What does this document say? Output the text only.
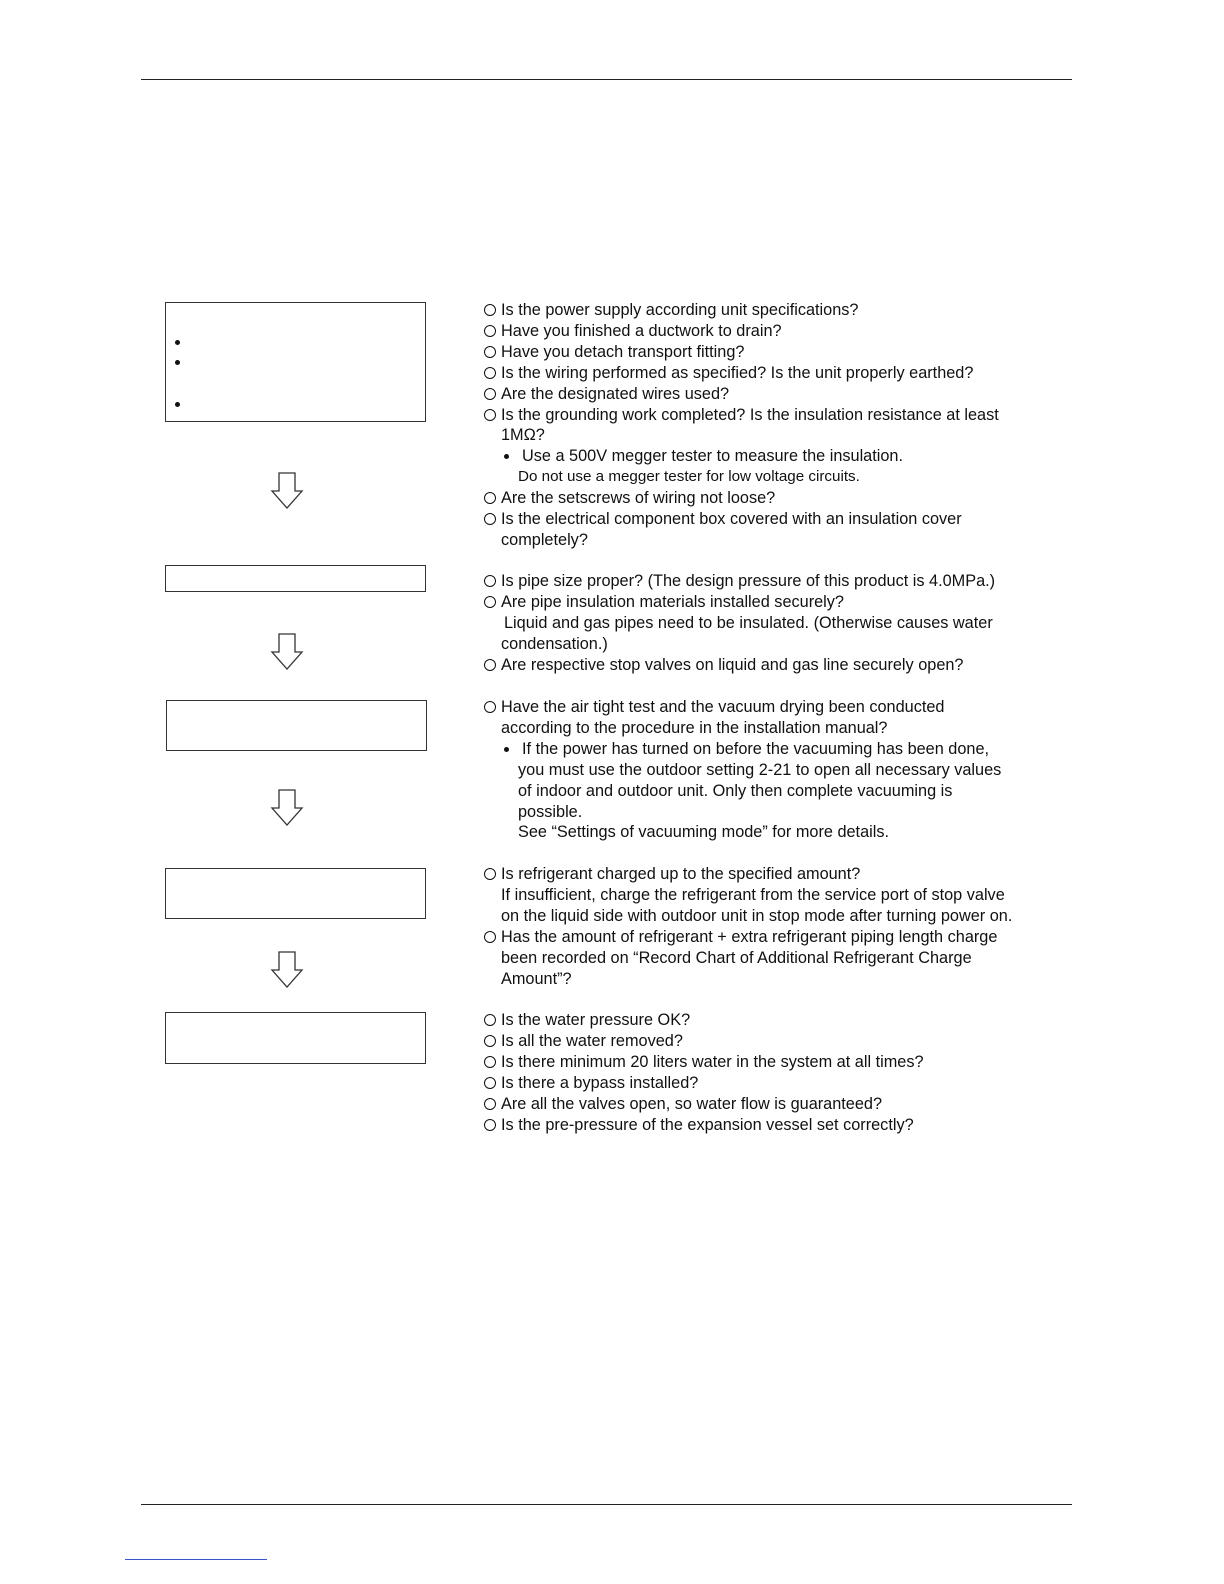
Is the power supply according unit specifications?
Have you finished a ductwork to drain?
Have you detach transport fitting?
Is the wiring performed as specified? Is the unit properly earthed?
Are the designated wires used?
Is the grounding work completed? Is the insulation resistance at least
1MΩ?
Use a 500V megger tester to measure the insulation.
Do not use a megger tester for low voltage circuits.
Are the setscrews of wiring not loose?
Is the electrical component box covered with an insulation cover
completely?
Is pipe size proper? (The design pressure of this product is 4.0MPa.)
Are pipe insulation materials installed securely?
Liquid and gas pipes need to be insulated. (Otherwise causes water
condensation.)
Are respective stop valves on liquid and gas line securely open?
Have the air tight test and the vacuum drying been conducted
according to the procedure in the installation manual?
If the power has turned on before the vacuuming has been done,
you must use the outdoor setting 2-21 to open all necessary values
of indoor and outdoor unit. Only then complete vacuuming is
possible.
See “Settings of vacuuming mode” for more details.
Is refrigerant charged up to the specified amount?
If insufficient, charge the refrigerant from the service port of stop valve
on the liquid side with outdoor unit in stop mode after turning power on.
Has the amount of refrigerant + extra refrigerant piping length charge
been recorded on “Record Chart of Additional Refrigerant Charge
Amount”?
Is the water pressure OK?
Is all the water removed?
Is there minimum 20 liters water in the system at all times?
Is there a bypass installed?
Are all the valves open, so water flow is guaranteed?
Is the pre-pressure of the expansion vessel set correctly?
